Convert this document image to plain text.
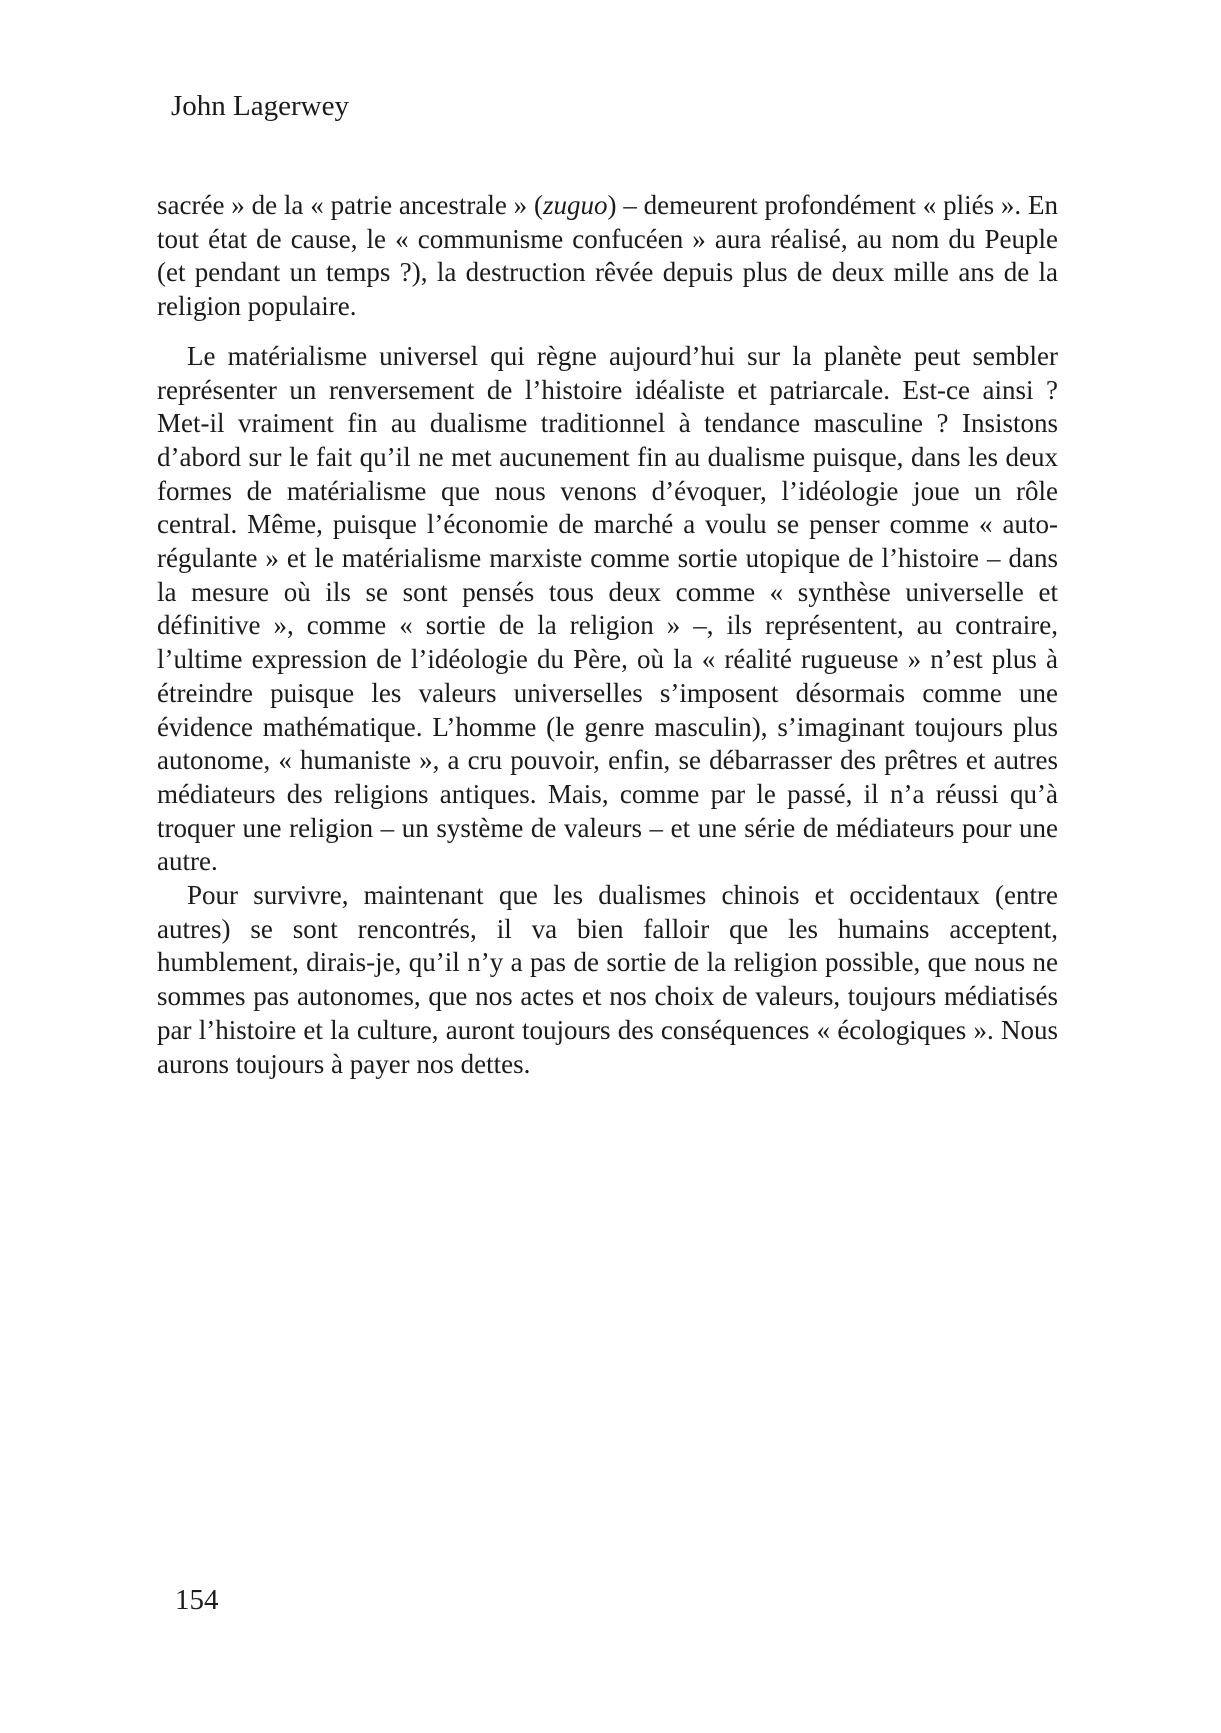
John Lagerwey

sacrée » de la « patrie ancestrale » (zuguo) – demeurent profondément « pliés ». En tout état de cause, le « communisme confucéen » aura réalisé, au nom du Peuple (et pendant un temps ?), la destruction rêvée depuis plus de deux mille ans de la religion populaire.

Le matérialisme universel qui règne aujourd’hui sur la planète peut sembler représenter un renversement de l’histoire idéaliste et patriarcale. Est-ce ainsi ? Met-il vraiment fin au dualisme traditionnel à tendance masculine ? Insistons d’abord sur le fait qu’il ne met aucunement fin au dualisme puisque, dans les deux formes de matérialisme que nous venons d’évoquer, l’idéologie joue un rôle central. Même, puisque l’économie de marché a voulu se penser comme « auto-régulante » et le matérialisme marxiste comme sortie utopique de l’histoire – dans la mesure où ils se sont pensés tous deux comme « synthèse universelle et définitive », comme « sortie de la religion » –, ils représentent, au contraire, l’ultime expression de l’idéologie du Père, où la « réalité rugueuse » n’est plus à étreindre puisque les valeurs universelles s’imposent désormais comme une évidence mathématique. L’homme (le genre masculin), s’imaginant toujours plus autonome, « humaniste », a cru pouvoir, enfin, se débarrasser des prêtres et autres médiateurs des religions antiques. Mais, comme par le passé, il n’a réussi qu’à troquer une religion – un système de valeurs – et une série de médiateurs pour une autre.

Pour survivre, maintenant que les dualismes chinois et occidentaux (entre autres) se sont rencontrés, il va bien falloir que les humains acceptent, humblement, dirais-je, qu’il n’y a pas de sortie de la religion possible, que nous ne sommes pas autonomes, que nos actes et nos choix de valeurs, toujours médiatisés par l’histoire et la culture, auront toujours des conséquences « écologiques ». Nous aurons toujours à payer nos dettes.

154
